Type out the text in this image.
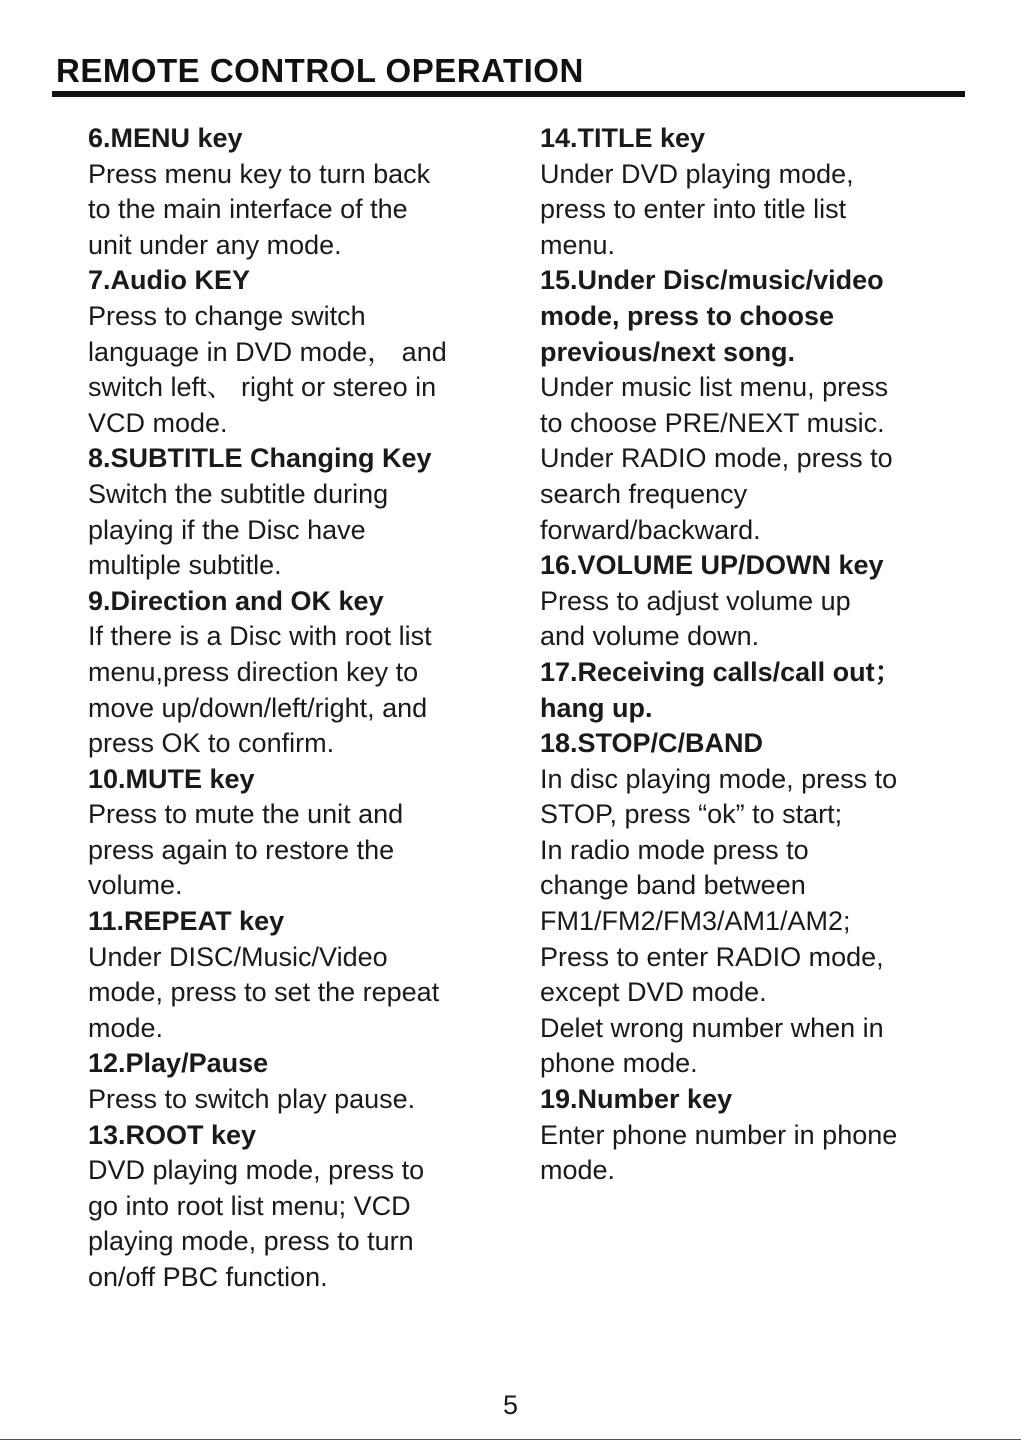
REMOTE CONTROL OPERATION

6.MENU key

Press menu key to turn back

to the main interface of the

unit under any mode.

7.Audio KEY

Press to change switch

language in DVD mode， and

switch left、 right or stereo in

VCD mode.

8.SUBTITLE Changing Key

Switch the subtitle during

playing if the Disc have

multiple subtitle.

9.Direction and OK key

If there is a Disc with root list

menu,press direction key to

move up/down/left/right, and

press OK to confirm.

10.MUTE key

Press to mute the unit and

press again to restore the

volume.

11.REPEAT key

Under DISC/Music/Video

mode, press to set the repeat

mode.

12.Play/Pause

Press to switch play pause.

13.ROOT key

DVD playing mode, press to

go into root list menu; VCD

playing mode, press to turn

on/off PBC function.

14.TITLE key

Under DVD playing mode,

press to enter into title list

menu.

15.Under Disc/music/video

mode, press to choose

previous/next song.

Under music list menu, press

to choose PRE/NEXT music.

Under RADIO mode, press to

search frequency

forward/backward.

16.VOLUME UP/DOWN key

Press to adjust volume up

and volume down.

17.Receiving calls/call out；

hang up.

18.STOP/C/BAND

In disc playing mode, press to

STOP, press “ok” to start;

In radio mode press to

change band between

FM1/FM2/FM3/AM1/AM2;

Press to enter RADIO mode,

except DVD mode.

Delet wrong number when in

phone mode.

19.Number key

Enter phone number in phone

mode.

5
